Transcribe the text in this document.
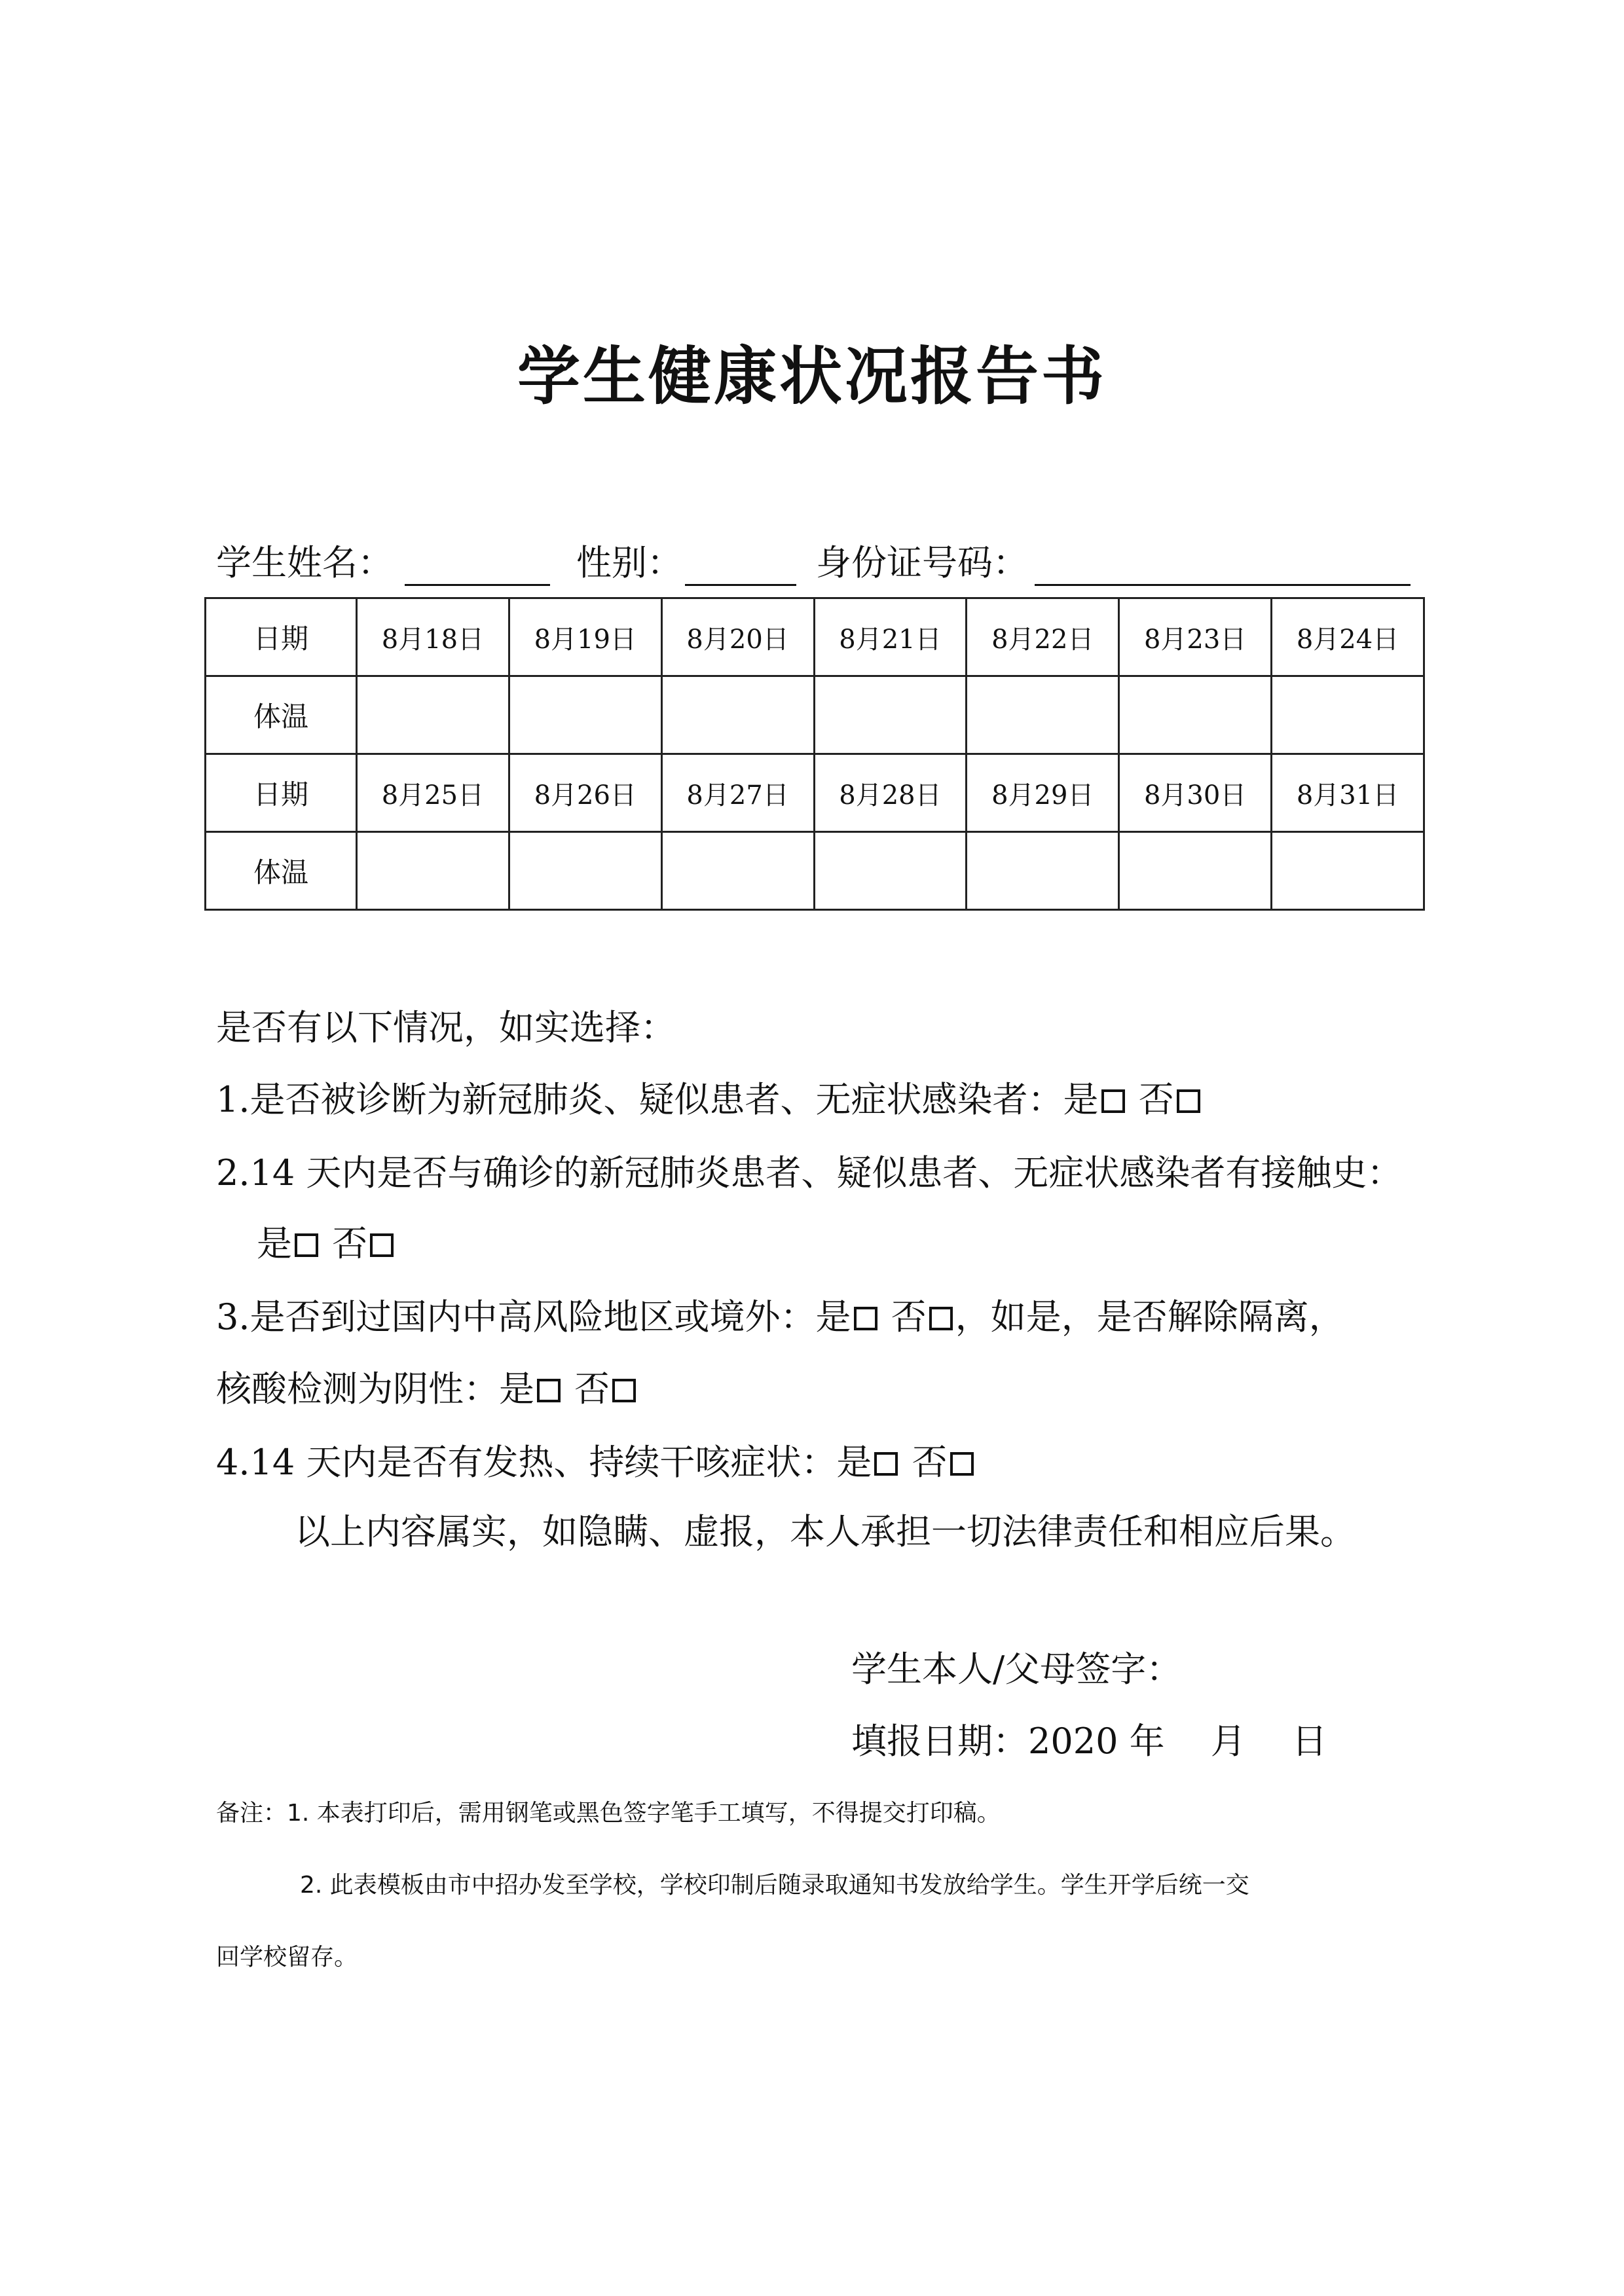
学生健康状况报告书
学生姓名：	性别：	身份证号码：
日期	8月18日	8月19日	8月20日	8月21日	8月22日	8月23日	8月24日
体温							
日期	8月25日	8月26日	8月27日	8月28日	8月29日	8月30日	8月31日
体温							
是否有以下情况，如实选择：
1.是否被诊断为新冠肺炎、疑似患者、无症状感染者：是 否
2.14 天内是否与确诊的新冠肺炎患者、疑似患者、无症状感染者有接触史：
是 否
3.是否到过国内中高风险地区或境外：是 否 ，如是，是否解除隔离，
核酸检测为阴性：是 否
4.14 天内是否有发热、持续干咳症状：是 否
以上内容属实，如隐瞒、虚报，本人承担一切法律责任和相应后果。
学生本人/父母签字：
填报日期：2020 年 月 日
备注：1. 本表打印后，需用钢笔或黑色签字笔手工填写，不得提交打印稿。
2. 此表模板由市中招办发至学校，学校印制后随录取通知书发放给学生。学生开学后统一交
回学校留存。
